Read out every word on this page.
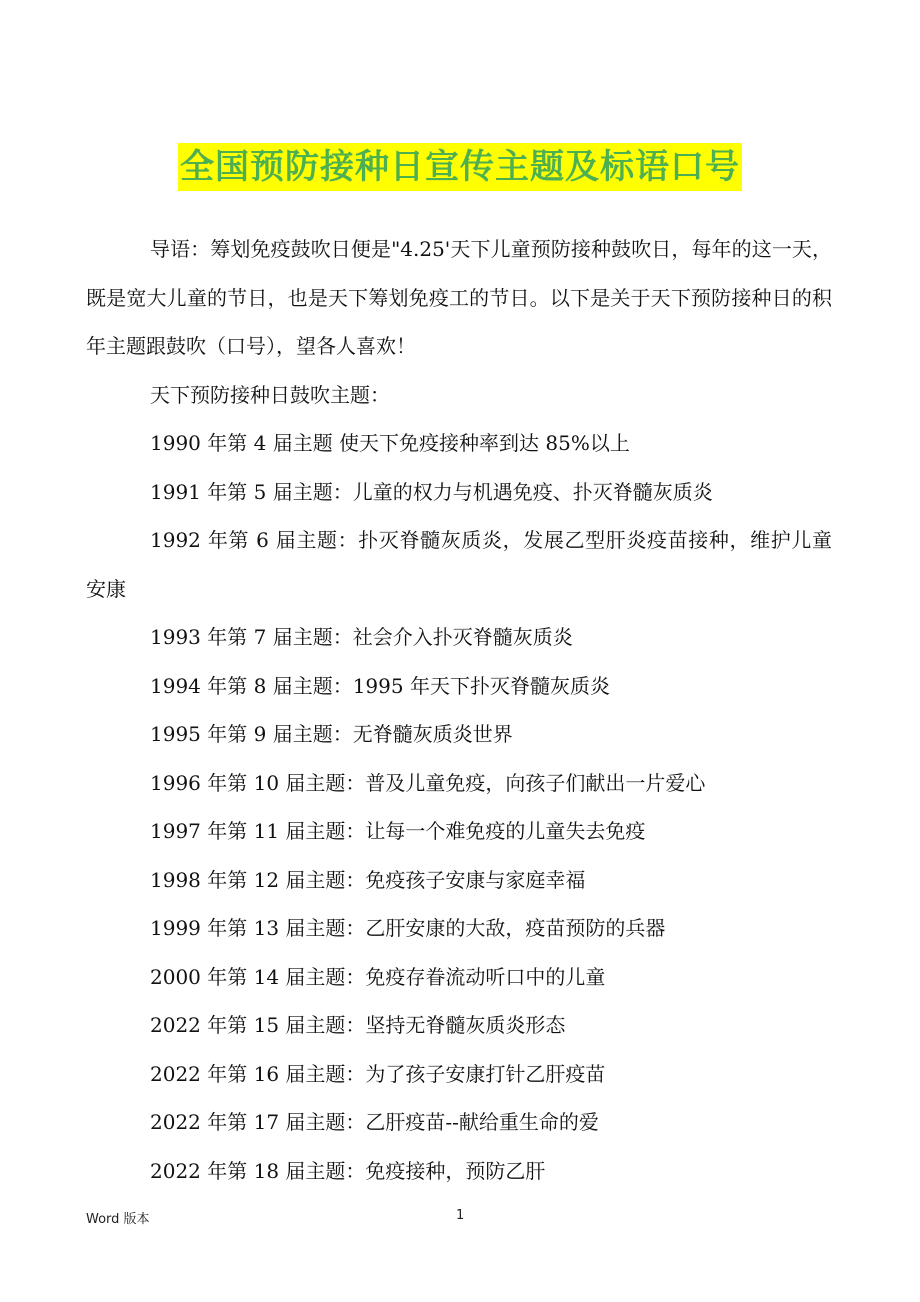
全国预防接种日宣传主题及标语口号

导语：筹划免疫鼓吹日便是"4.25'天下儿童预防接种鼓吹日，每年的这一天，既是宽大儿童的节日，也是天下筹划免疫工的节日。以下是关于天下预防接种日的积年主题跟鼓吹（口号），望各人喜欢！

天下预防接种日鼓吹主题：

1990 年第 4 届主题 使天下免疫接种率到达 85%以上

1991 年第 5 届主题：儿童的权力与机遇免疫、扑灭脊髓灰质炎

1992 年第 6 届主题：扑灭脊髓灰质炎，发展乙型肝炎疫苗接种，维护儿童安康

1993 年第 7 届主题：社会介入扑灭脊髓灰质炎

1994 年第 8 届主题：1995 年天下扑灭脊髓灰质炎

1995 年第 9 届主题：无脊髓灰质炎世界

1996 年第 10 届主题：普及儿童免疫，向孩子们献出一片爱心

1997 年第 11 届主题：让每一个难免疫的儿童失去免疫

1998 年第 12 届主题：免疫孩子安康与家庭幸福

1999 年第 13 届主题：乙肝安康的大敌，疫苗预防的兵器

2000 年第 14 届主题：免疫存眷流动听口中的儿童

2022 年第 15 届主题：坚持无脊髓灰质炎形态

2022 年第 16 届主题：为了孩子安康打针乙肝疫苗

2022 年第 17 届主题：乙肝疫苗--献给重生命的爱

2022 年第 18 届主题：免疫接种，预防乙肝

Word 版本	1
